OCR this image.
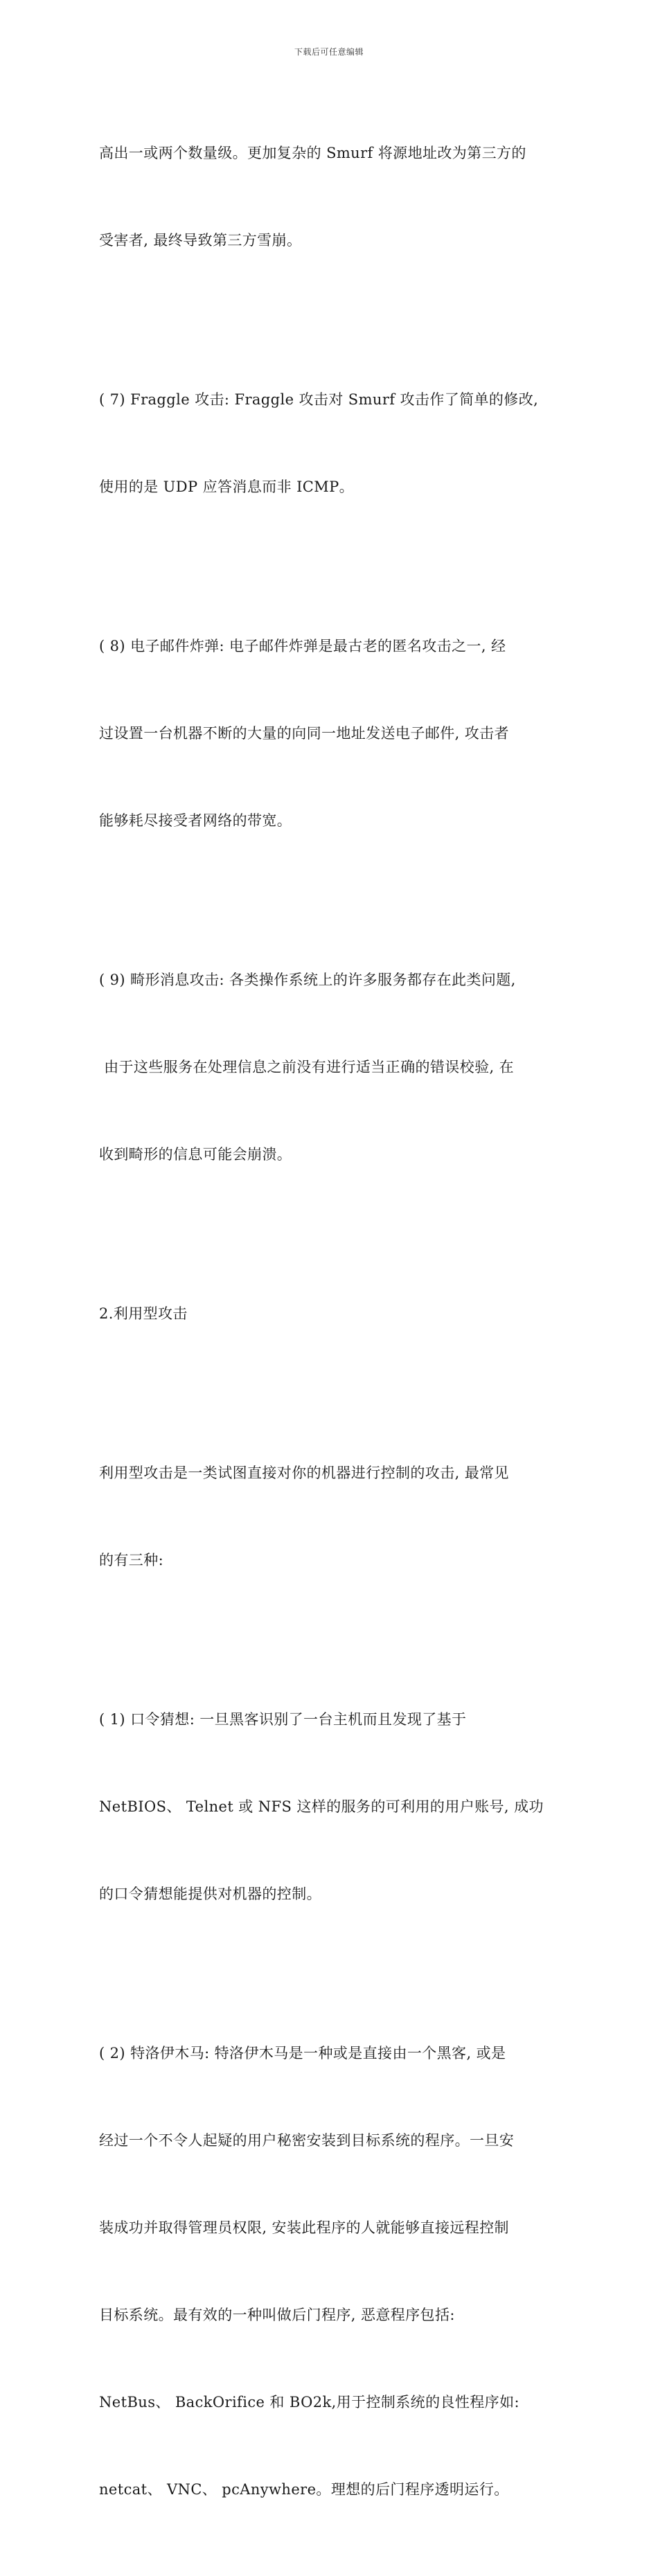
下载后可任意编辑

高出一或两个数量级。更加复杂的 Smurf 将源地址改为第三方的

受害者, 最终导致第三方雪崩。

( 7) Fraggle 攻击: Fraggle 攻击对 Smurf 攻击作了简单的修改,

使用的是 UDP 应答消息而非 ICMP。

( 8) 电子邮件炸弹: 电子邮件炸弹是最古老的匿名攻击之一, 经

过设置一台机器不断的大量的向同一地址发送电子邮件, 攻击者

能够耗尽接受者网络的带宽。

( 9) 畸形消息攻击: 各类操作系统上的许多服务都存在此类问题,

由于这些服务在处理信息之前没有进行适当正确的错误校验, 在

收到畸形的信息可能会崩溃。

2.利用型攻击

利用型攻击是一类试图直接对你的机器进行控制的攻击, 最常见

的有三种:

( 1) 口令猜想: 一旦黑客识别了一台主机而且发现了基于

NetBIOS、 Telnet 或 NFS 这样的服务的可利用的用户账号, 成功

的口令猜想能提供对机器的控制。

( 2) 特洛伊木马: 特洛伊木马是一种或是直接由一个黑客, 或是

经过一个不令人起疑的用户秘密安装到目标系统的程序。一旦安

装成功并取得管理员权限, 安装此程序的人就能够直接远程控制

目标系统。最有效的一种叫做后门程序, 恶意程序包括:

NetBus、 BackOrifice 和 BO2k,用于控制系统的良性程序如:

netcat、 VNC、 pcAnywhere。理想的后门程序透明运行。
